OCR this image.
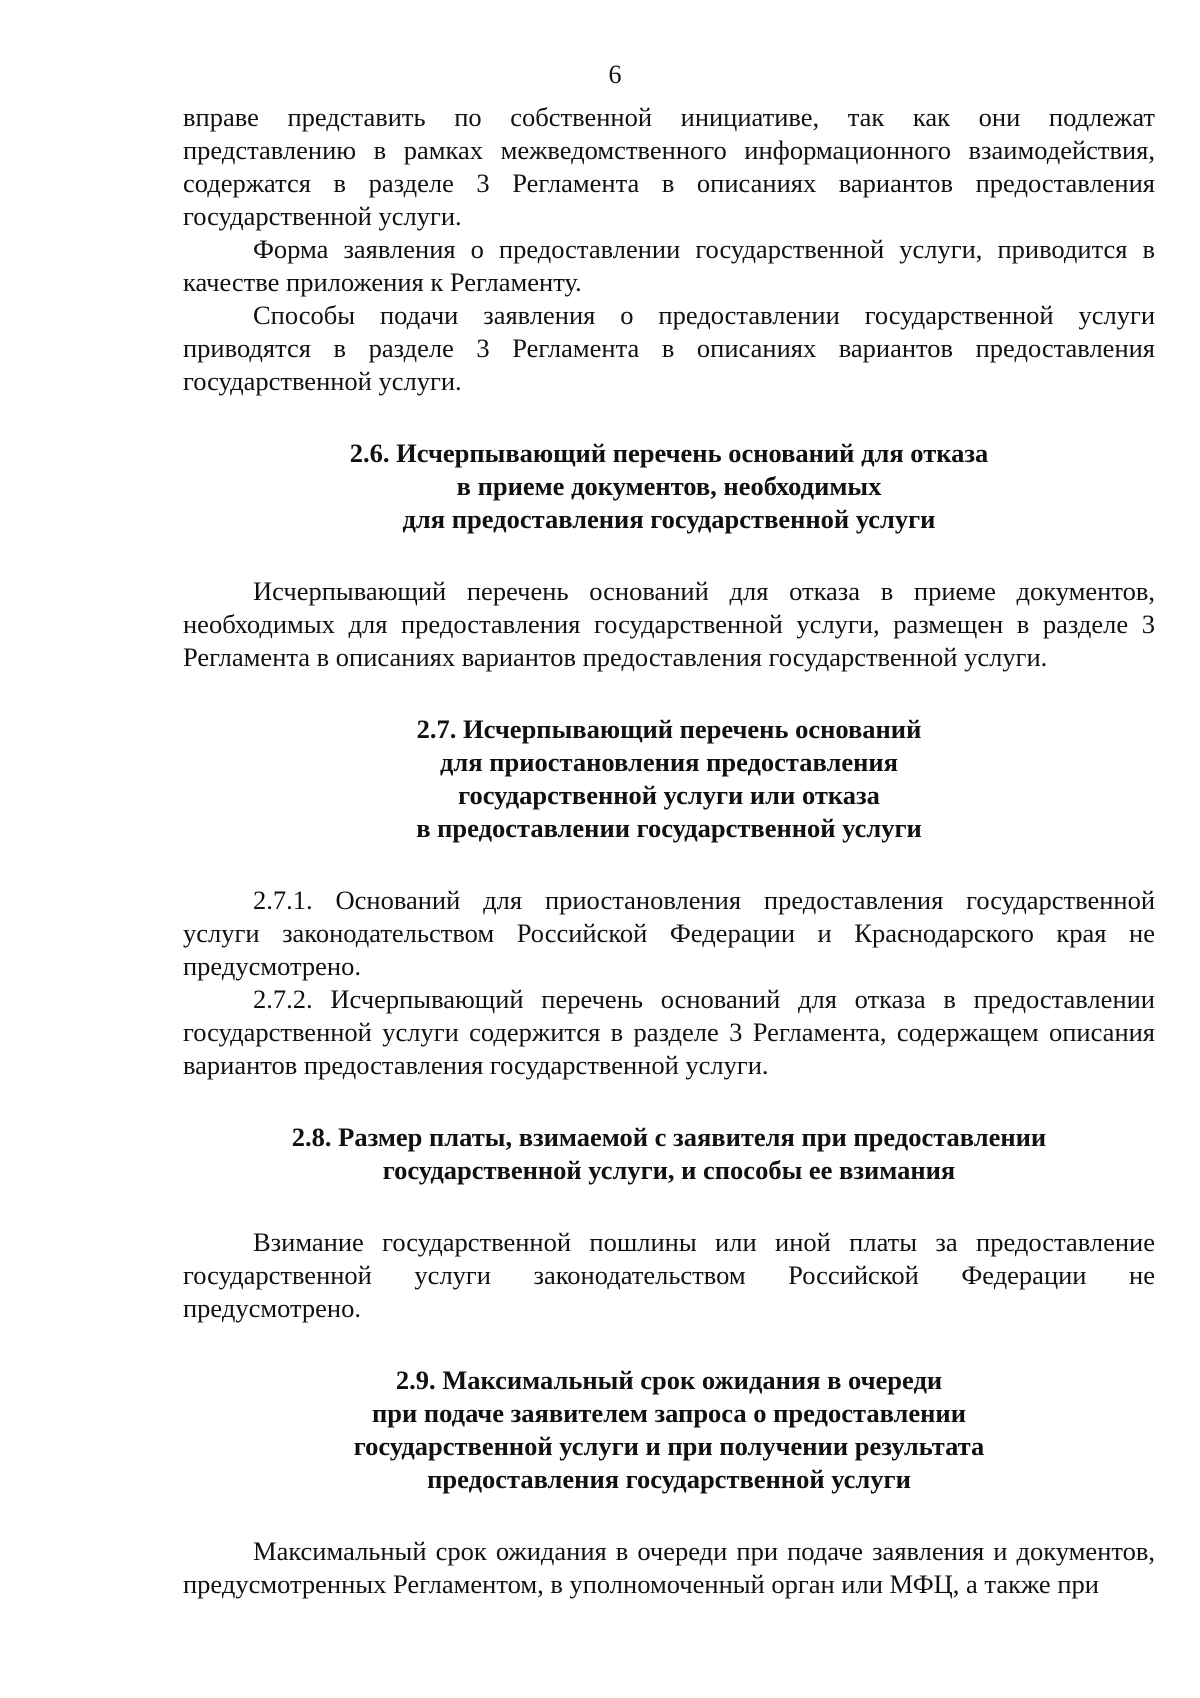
6

вправе представить по собственной инициативе, так как они подлежат представлению в рамках межведомственного информационного взаимодействия, содержатся в разделе 3 Регламента в описаниях вариантов предоставления государственной услуги.

Форма заявления о предоставлении государственной услуги, приводится в качестве приложения к Регламенту.

Способы подачи заявления о предоставлении государственной услуги приводятся в разделе 3 Регламента в описаниях вариантов предоставления государственной услуги.

2.6. Исчерпывающий перечень оснований для отказа
в приеме документов, необходимых
для предоставления государственной услуги

Исчерпывающий перечень оснований для отказа в приеме документов, необходимых для предоставления государственной услуги, размещен в разделе 3 Регламента в описаниях вариантов предоставления государственной услуги.

2.7. Исчерпывающий перечень оснований
для приостановления предоставления
государственной услуги или отказа
в предоставлении государственной услуги

2.7.1. Оснований для приостановления предоставления государственной услуги законодательством Российской Федерации и Краснодарского края не предусмотрено.

2.7.2. Исчерпывающий перечень оснований для отказа в предоставлении государственной услуги содержится в разделе 3 Регламента, содержащем описания вариантов предоставления государственной услуги.

2.8. Размер платы, взимаемой с заявителя при предоставлении
государственной услуги, и способы ее взимания

Взимание государственной пошлины или иной платы за предоставление государственной услуги законодательством Российской Федерации не предусмотрено.

2.9. Максимальный срок ожидания в очереди
при подаче заявителем запроса о предоставлении
государственной услуги и при получении результата
предоставления государственной услуги

Максимальный срок ожидания в очереди при подаче заявления и документов, предусмотренных Регламентом, в уполномоченный орган или МФЦ, а также при
